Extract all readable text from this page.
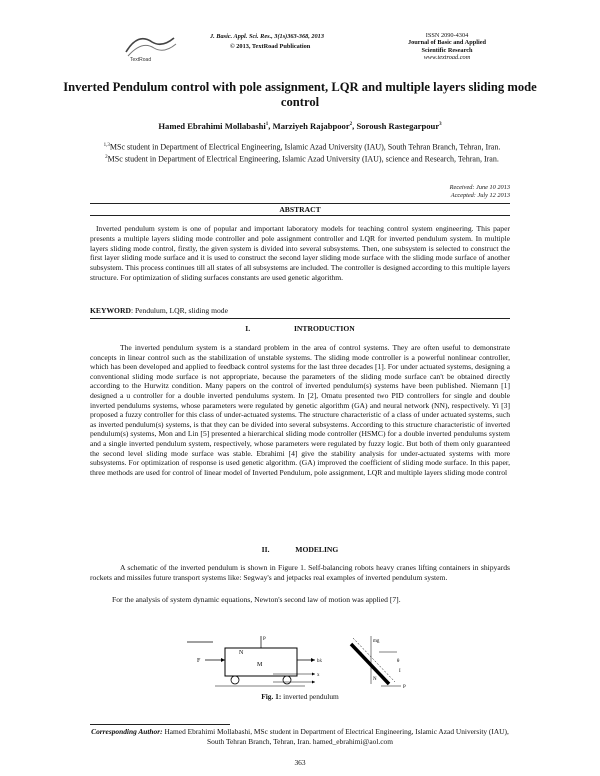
TextRoad
J. Basic. Appl. Sci. Res., 3(1s)363-368, 2013
© 2013, TextRoad Publication
ISSN 2090-4304
Journal of Basic and Applied
Scientific Research
www.textroad.com
Inverted Pendulum control with pole assignment, LQR and multiple layers sliding mode control
Hamed Ebrahimi Mollabashi$^1$, Marziyeh Rajabpoor$^2$, Soroush Rastegarpour$^3$
$^{1,3}$MSc student in Department of Electrical Engineering, Islamic Azad University (IAU), South Tehran Branch, Tehran, Iran.
$^2$MSc student in Department of Electrical Engineering, Islamic Azad University (IAU), science and Research, Tehran, Iran.
Received: June 10 2013
Accepted: July 12 2013
ABSTRACT
Inverted pendulum system is one of popular and important laboratory models for teaching control system engineering. This paper presents a multiple layers sliding mode controller and pole assignment controller and LQR for inverted pendulum system. In multiple layers sliding mode control, firstly, the given system is divided into several subsystems. Then, one subsystem is selected to construct the first layer sliding mode surface and it is used to construct the second layer sliding mode surface with the sliding mode surface of another subsystem. This process continues till all states of all subsystems are included. The controller is designed according to this multiple layers structure. For optimization of sliding surfaces constants are used genetic algorithm.
KEYWORD: Pendulum, LQR, sliding mode
I.	INTRODUCTION
The inverted pendulum system is a standard problem in the area of control systems. They are often useful to demonstrate concepts in linear control such as the stabilization of unstable systems. The sliding mode controller is a powerful nonlinear controller, which has been developed and applied to feedback control systems for the last three decades [1]. For under actuated systems, designing a conventional sliding mode surface is not appropriate, because the parameters of the sliding mode surface can't be obtained directly according to the Hurwitz condition. Many papers on the control of inverted pendulum(s) systems have been published. Niemann [1] designed a u controller for a double inverted pendulums system. In [2], Omatu presented two PID controllers for single and double inverted pendulums systems, whose parameters were regulated by genetic algorithm (GA) and neural network (NN), respectively. Yi [3] proposed a fuzzy controller for this class of under-actuated systems. The structure characteristic of a class of under actuated systems, such as inverted pendulum(s) systems, is that they can be divided into several subsystems. According to this structure characteristic of inverted pendulum(s) systems, Mon and Lin [5] presented a hierarchical sliding mode controller (HSMC) for a double inverted pendulums system and a single inverted pendulum system, respectively, whose parameters were regulated by fuzzy logic. But both of them only guaranteed the second level sliding mode surface was stable. Ebrahimi [4] give the stability analysis for under-actuated systems with more subsystems. For optimization of response is used genetic algorithm. (GA) improved the coefficient of sliding mode surface. In this paper, three methods are used for control of linear model of Inverted Pendulum, pole assignment, LQR and multiple layers sliding mode control
II.	MODELING
A schematic of the inverted pendulum is shown in Figure 1. Self-balancing robots heavy cranes lifting containers in shipyards rockets and missiles future transport systems like: Segway's and jetpacks real examples of inverted pendulum system.
For the analysis of system dynamic equations, Newton's second law of motion was applied [7].
F
N
M
P
x
bẋ
mg
l
θ
I
N
P
Fig. 1: inverted pendulum
Corresponding Author: Hamed Ebrahimi Mollabashi, MSc student in Department of Electrical Engineering, Islamic Azad University (IAU), South Tehran Branch, Tehran, Iran. hamed_ebrahimi@aol.com
363
